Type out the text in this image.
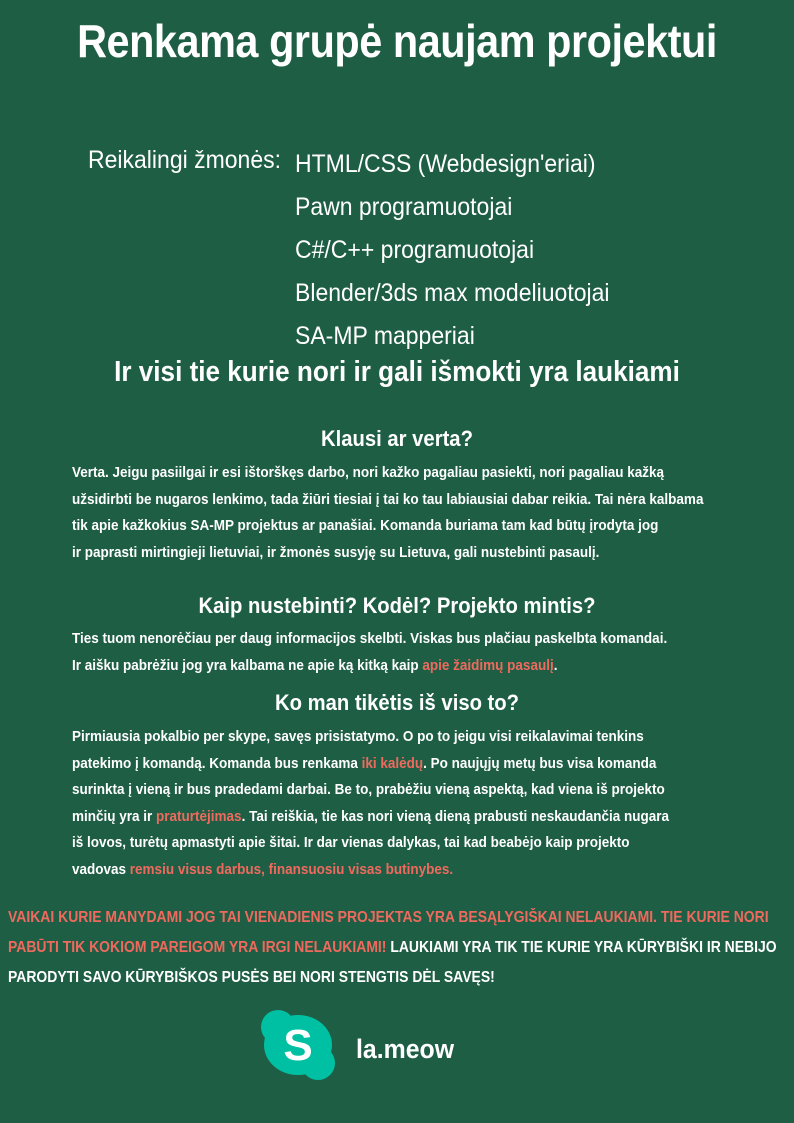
Renkama grupė naujam projektui
Reikalingi žmonės: HTML/CSS (Webdesign'eriai)
Pawn programuotojai
C#/C++ programuotojai
Blender/3ds max modeliuotojai
SA-MP mapperiai
Ir visi tie kurie nori ir gali išmokti yra laukiami
Klausi ar verta?

Verta. Jeigu pasiilgai ir esi ištorškęs darbo, nori kažko pagaliau pasiekti, nori pagaliau kažką

užsidirbti be nugaros lenkimo, tada žiūri tiesiai į tai ko tau labiausiai dabar reikia. Tai nėra kalbama

tik apie kažkokius SA-MP projektus ar panašiai. Komanda buriama tam kad būtų įrodyta jog

ir paprasti mirtingieji lietuviai, ir žmonės susyję su Lietuva, gali nustebinti pasaulį.

Kaip nustebinti? Kodėl? Projekto mintis?

Ties tuom nenorėčiau per daug informacijos skelbti. Viskas bus plačiau paskelbta komandai.

Ir aišku pabrėžiu jog yra kalbama ne apie ką kitką kaip apie žaidimų pasaulį.

Ko man tikėtis iš viso to?

Pirmiausia pokalbio per skype, savęs prisistatymo. O po to jeigu visi reikalavimai tenkins

patekimo į komandą. Komanda bus renkama iki kalėdų. Po naujųjų metų bus visa komanda

surinkta į vieną ir bus pradedami darbai. Be to, prabėžiu vieną aspektą, kad viena iš projekto

minčių yra ir praturtėjimas. Tai reiškia, tie kas nori vieną dieną prabusti neskaudančia nugara

iš lovos, turėtų apmastyti apie šitai. Ir dar vienas dalykas, tai kad beabėjo kaip projekto

vadovas remsiu visus darbus, finansuosiu visas butinybes.

VAIKAI KURIE MANYDAMI JOG TAI VIENADIENIS PROJEKTAS YRA BESĄLYGIŠKAI NELAUKIAMI. TIE KURIE NORI

PABŪTI TIK KOKIOM PAREIGOM YRA IRGI NELAUKIAMI! LAUKIAMI YRA TIK TIE KURIE YRA KŪRYBIŠKI IR NEBIJO

PARODYTI SAVO KŪRYBIŠKOS PUSĖS BEI NORI STENGTIS DĖL SAVĘS!

S la.meow
